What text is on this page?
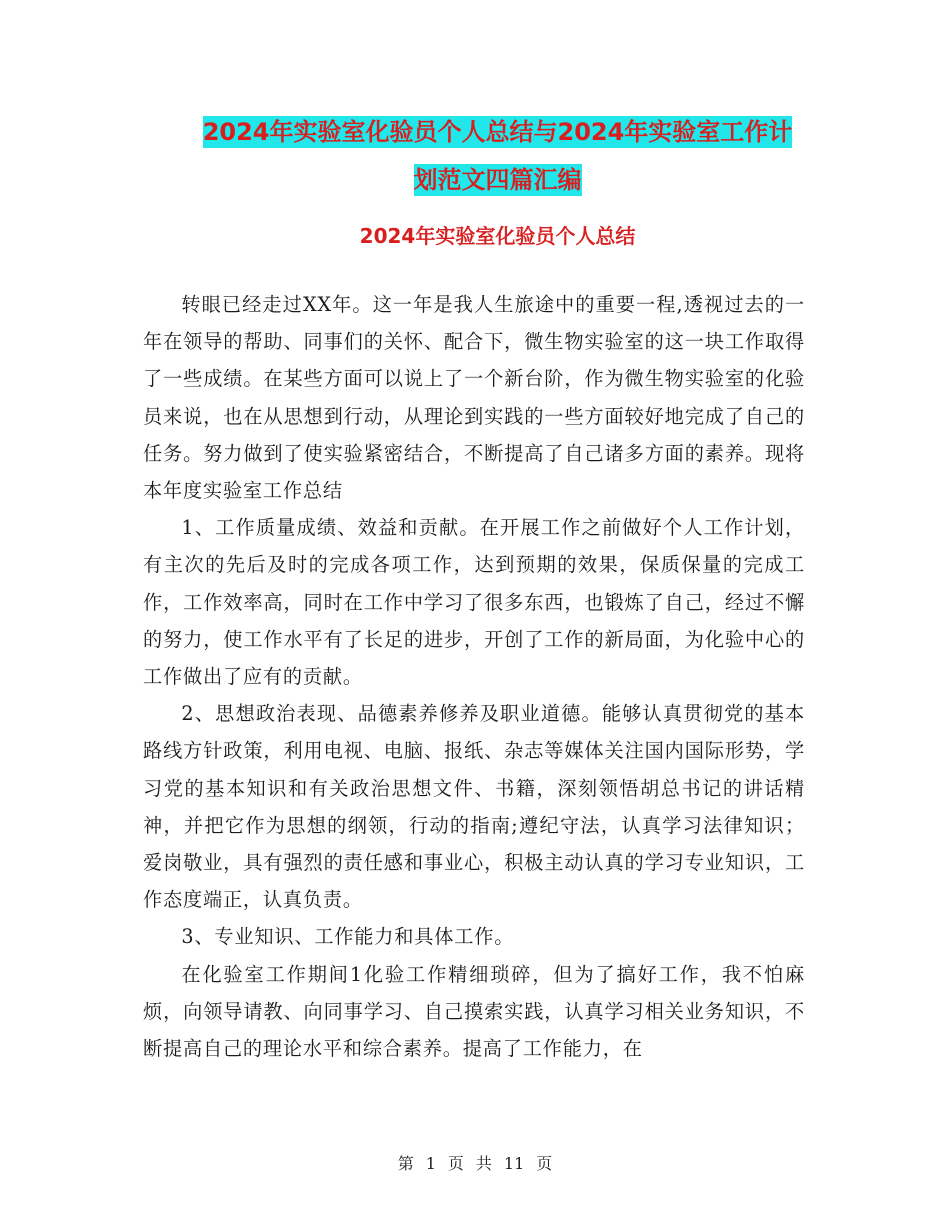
2024年实验室化验员个人总结与2024年实验室工作计
划范文四篇汇编
2024年实验室化验员个人总结

转眼已经走过XX年。这一年是我人生旅途中的重要一程,透视过去的一年在领导的帮助、同事们的关怀、配合下，微生物实验室的这一块工作取得了一些成绩。在某些方面可以说上了一个新台阶，作为微生物实验室的化验员来说，也在从思想到行动，从理论到实践的一些方面较好地完成了自己的任务。努力做到了使实验紧密结合，不断提高了自己诸多方面的素养。现将本年度实验室工作总结

1、工作质量成绩、效益和贡献。在开展工作之前做好个人工作计划，有主次的先后及时的完成各项工作，达到预期的效果，保质保量的完成工作，工作效率高，同时在工作中学习了很多东西，也锻炼了自己，经过不懈的努力，使工作水平有了长足的进步，开创了工作的新局面，为化验中心的工作做出了应有的贡献。

2、思想政治表现、品德素养修养及职业道德。能够认真贯彻党的基本路线方针政策，利用电视、电脑、报纸、杂志等媒体关注国内国际形势，学习党的基本知识和有关政治思想文件、书籍，深刻领悟胡总书记的讲话精神，并把它作为思想的纲领，行动的指南;遵纪守法，认真学习法律知识；爱岗敬业，具有强烈的责任感和事业心，积极主动认真的学习专业知识，工作态度端正，认真负责。

3、专业知识、工作能力和具体工作。

在化验室工作期间1化验工作精细琐碎，但为了搞好工作，我不怕麻烦，向领导请教、向同事学习、自己摸索实践，认真学习相关业务知识，不断提高自己的理论水平和综合素养。提高了工作能力，在

第 1 页 共 11 页
